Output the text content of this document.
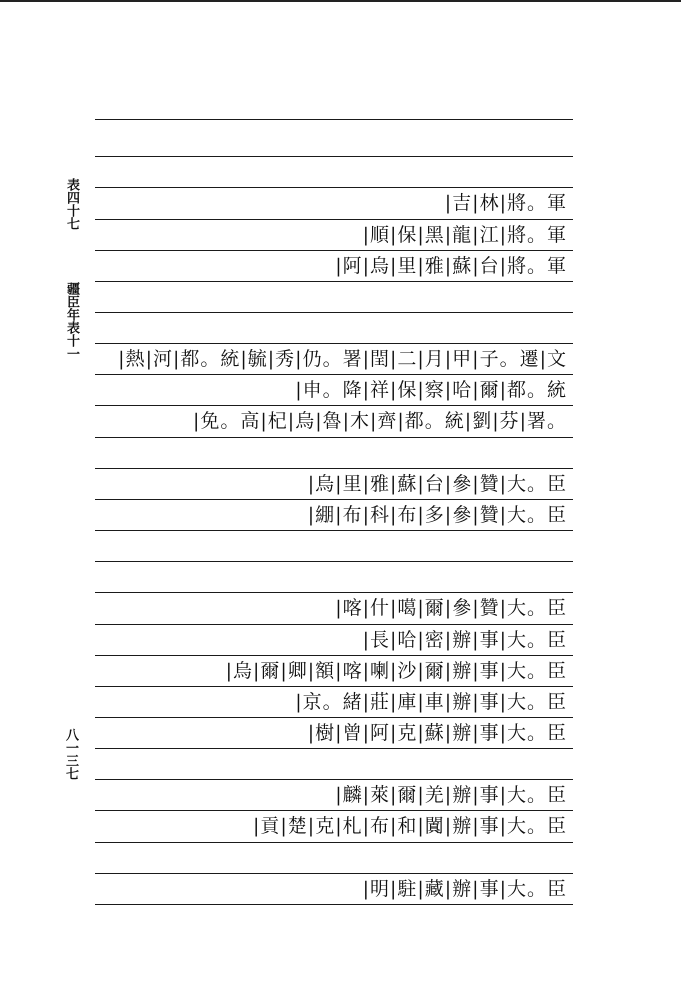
表四十七
疆臣年表十一
八一三七
|吉|林|將。軍
|順|保|黑|龍|江|將。軍
|阿|烏|里|雅|蘇|台|將。軍
|熱|河|都。統|毓|秀|仍。署|閏|二|月|甲|子。遷|文
|申。降|祥|保|察|哈|爾|都。統
|免。高|杞|烏|魯|木|齊|都。統|劉|芬|署。
|烏|里|雅|蘇|台|參|贊|大。臣
|綳|布|科|布|多|參|贊|大。臣
|喀|什|噶|爾|參|贊|大。臣
|長|哈|密|辦|事|大。臣
|烏|爾|卿|額|喀|喇|沙|爾|辦|事|大。臣
|京。緒|莊|庫|車|辦|事|大。臣
|樹|曾|阿|克|蘇|辦|事|大。臣
|麟|萊|爾|羌|辦|事|大。臣
|貢|楚|克|札|布|和|闐|辦|事|大。臣
|明|駐|藏|辦|事|大。臣
